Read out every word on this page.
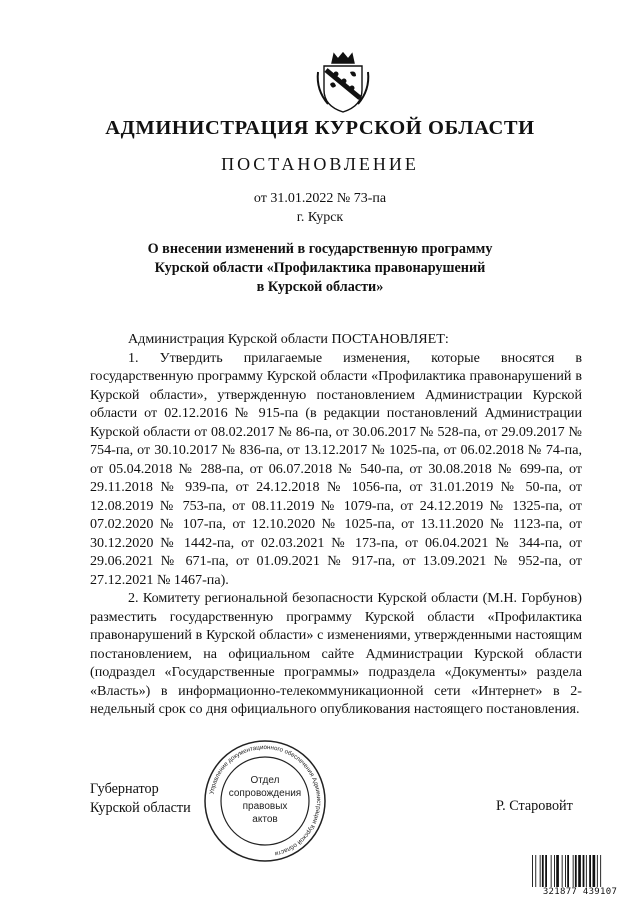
АДМИНИСТРАЦИЯ КУРСКОЙ ОБЛАСТИ
ПОСТАНОВЛЕНИЕ
от 31.01.2022 № 73-па
г. Курск
О внесении изменений в государственную программу
Курской области «Профилактика правонарушений
в Курской области»

Администрация Курской области ПОСТАНОВЛЯЕТ:

1. Утвердить прилагаемые изменения, которые вносятся в государственную программу Курской области «Профилактика правонарушений в Курской области», утвержденную постановлением Администрации Курской области от 02.12.2016 № 915-па (в редакции постановлений Администрации Курской области от 08.02.2017 № 86-па, от 30.06.2017 № 528-па, от 29.09.2017 № 754-па, от 30.10.2017 № 836-па, от 13.12.2017 № 1025-па, от 06.02.2018 № 74-па, от 05.04.2018 № 288-па, от 06.07.2018 № 540-па, от 30.08.2018 № 699-па, от 29.11.2018 № 939-па, от 24.12.2018 № 1056-па, от 31.01.2019 № 50-па, от 12.08.2019 № 753-па, от 08.11.2019 № 1079-па, от 24.12.2019 № 1325-па, от 07.02.2020 № 107-па, от 12.10.2020 № 1025-па, от 13.11.2020 № 1123-па, от 30.12.2020 № 1442-па, от 02.03.2021 № 173-па, от 06.04.2021 № 344-па, от 29.06.2021 № 671-па, от 01.09.2021 № 917-па, от 13.09.2021 № 952-па, от 27.12.2021 № 1467-па).

2. Комитету региональной безопасности Курской области (М.Н. Горбунов) разместить государственную программу Курской области «Профилактика правонарушений в Курской области» с изменениями, утвержденными настоящим постановлением, на официальном сайте Администрации Курской области (подраздел «Государственные программы» подраздела «Документы» раздела «Власть») в информационно-телекоммуникационной сети «Интернет» в 2-недельный срок со дня официального опубликования настоящего постановления.

Губернатор
Курской области	Р. Старовойт
Управление документационного обеспечения Администрации Курской области
Отдел
сопровождения
правовых
актов
321877 439107
